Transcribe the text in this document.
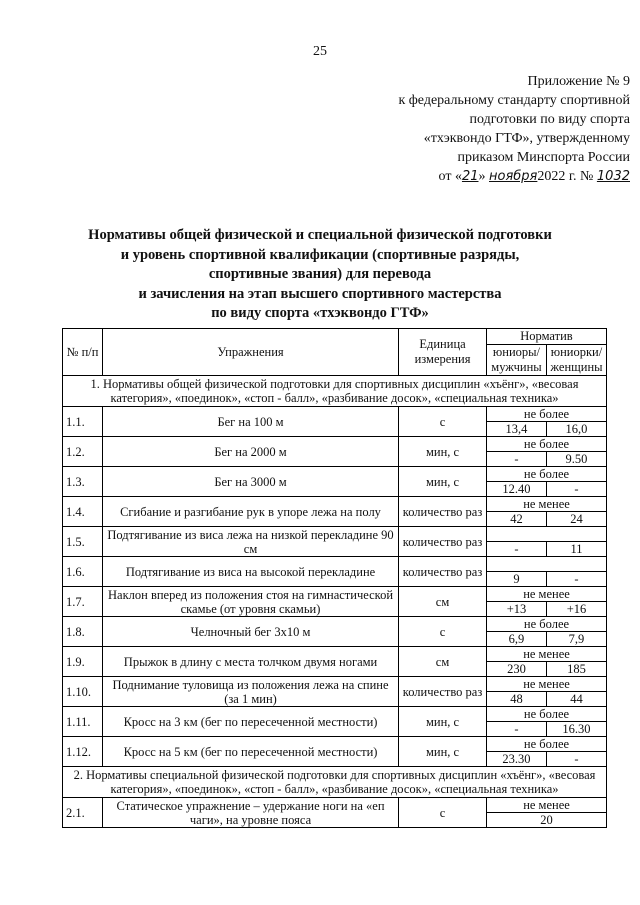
25
Приложение № 9
к федеральному стандарту спортивной
подготовки по виду спорта
«тхэквондо ГТФ», утвержденному
приказом Минспорта России
от «21» ноября2022 г. № 1032
Нормативы общей физической и специальной физической подготовки
и уровень спортивной квалификации (спортивные разряды,
спортивные звания) для перевода
и зачисления на этап высшего спортивного мастерства
по виду спорта «тхэквондо ГТФ»
№ п/п	Упражнения	Единица измерения	Норматив	
			юниоры/ мужчины	юниорки/ женщины
1. Нормативы общей физической подготовки для спортивных дисциплин «хъёнг», «весовая категория», «поединок», «стоп - балл», «разбивание досок», «специальная техника»				
1.1.	Бег на 100 м	с	не более	
			13,4	16,0
1.2.	Бег на 2000 м	мин, с	не более	
			-	9.50
1.3.	Бег на 3000 м	мин, с	не более	
			12.40	-
1.4.	Сгибание и разгибание рук в упоре лежа на полу	количество раз	не менее	
			42	24
1.5.	Подтягивание из виса лежа на низкой перекладине 90 см	количество раз		
			-	11
1.6.	Подтягивание из виса на высокой перекладине	количество раз		
			9	-
1.7.	Наклон вперед из положения стоя на гимнастической скамье (от уровня скамьи)	см	не менее	
			+13	+16
1.8.	Челночный бег 3х10 м	с	не более	
			6,9	7,9
1.9.	Прыжок в длину с места толчком двумя ногами	см	не менее	
			230	185
1.10.	Поднимание туловища из положения лежа на спине (за 1 мин)	количество раз	не менее	
			48	44
1.11.	Кросс на 3 км (бег по пересеченной местности)	мин, с	не более	
			-	16.30
1.12.	Кросс на 5 км (бег по пересеченной местности)	мин, с	не более	
			23.30	-
2. Нормативы специальной физической подготовки для спортивных дисциплин «хъёнг», «весовая категория», «поединок», «стоп - балл», «разбивание досок», «специальная техника»				
2.1.	Статическое упражнение – удержание ноги на «еп чаги», на уровне пояса	с	не менее	
			20	
